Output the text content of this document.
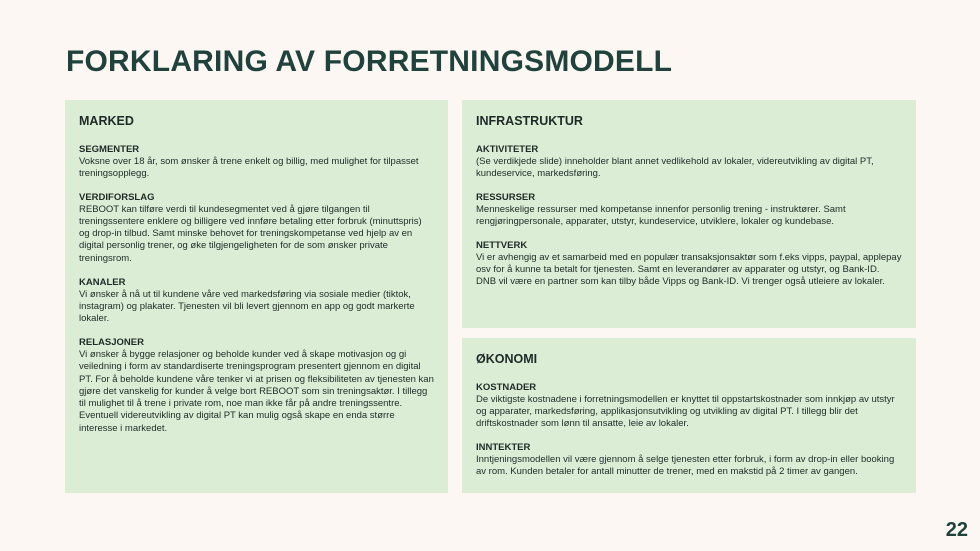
FORKLARING AV FORRETNINGSMODELL
MARKED
SEGMENTER
Voksne over 18 år, som ønsker å trene enkelt og billig, med mulighet for tilpasset treningsopplegg.
VERDIFORSLAG
REBOOT kan tilføre verdi til kundesegmentet ved å gjøre tilgangen til treningssentere enklere og billigere ved innføre betaling etter forbruk (minuttspris) og drop-in tilbud. Samt minske behovet for treningskompetanse ved hjelp av en digital personlig trener, og øke tilgjengeligheten for de som ønsker private treningsrom.
KANALER
Vi ønsker å nå ut til kundene våre ved markedsføring via sosiale medier (tiktok, instagram) og plakater. Tjenesten vil bli levert gjennom en app og godt markerte lokaler.
RELASJONER
Vi ønsker å bygge relasjoner og beholde kunder ved å skape motivasjon og gi veiledning i form av standardiserte treningsprogram presentert gjennom en digital PT. For å beholde kundene våre tenker vi at prisen og fleksibiliteten av tjenesten kan gjøre det vanskelig for kunder å velge bort REBOOT som sin treningsaktør. I tillegg til mulighet til å trene i private rom, noe man ikke får på andre treningssentre. Eventuell videreutvikling av digital PT kan mulig også skape en enda større interesse i markedet.
INFRASTRUKTUR
AKTIVITETER
(Se verdikjede slide) inneholder blant annet vedlikehold av lokaler, videreutvikling av digital PT, kundeservice, markedsføring.
RESSURSER
Menneskelige ressurser med kompetanse innenfor personlig trening - instruktører. Samt rengjøringpersonale, apparater, utstyr, kundeservice, utviklere, lokaler og kundebase.
NETTVERK
Vi er avhengig av et samarbeid med en populær transaksjonsaktør som f.eks vipps, paypal, applepay osv for å kunne ta betalt for tjenesten. Samt en leverandører av apparater og utstyr, og Bank-ID. DNB vil være en partner som kan tilby både Vipps og Bank-ID. Vi trenger også utleiere av lokaler.
ØKONOMI
KOSTNADER
De viktigste kostnadene i forretningsmodellen er knyttet til oppstartskostnader som innkjøp av utstyr og apparater, markedsføring, applikasjonsutvikling og utvikling av digital PT. I tillegg blir det driftskostnader som lønn til ansatte, leie av lokaler.
INNTEKTER
Inntjeningsmodellen vil være gjennom å selge tjenesten etter forbruk, i form av drop-in eller booking av rom. Kunden betaler for antall minutter de trener, med en makstid på 2 timer av gangen.
22
